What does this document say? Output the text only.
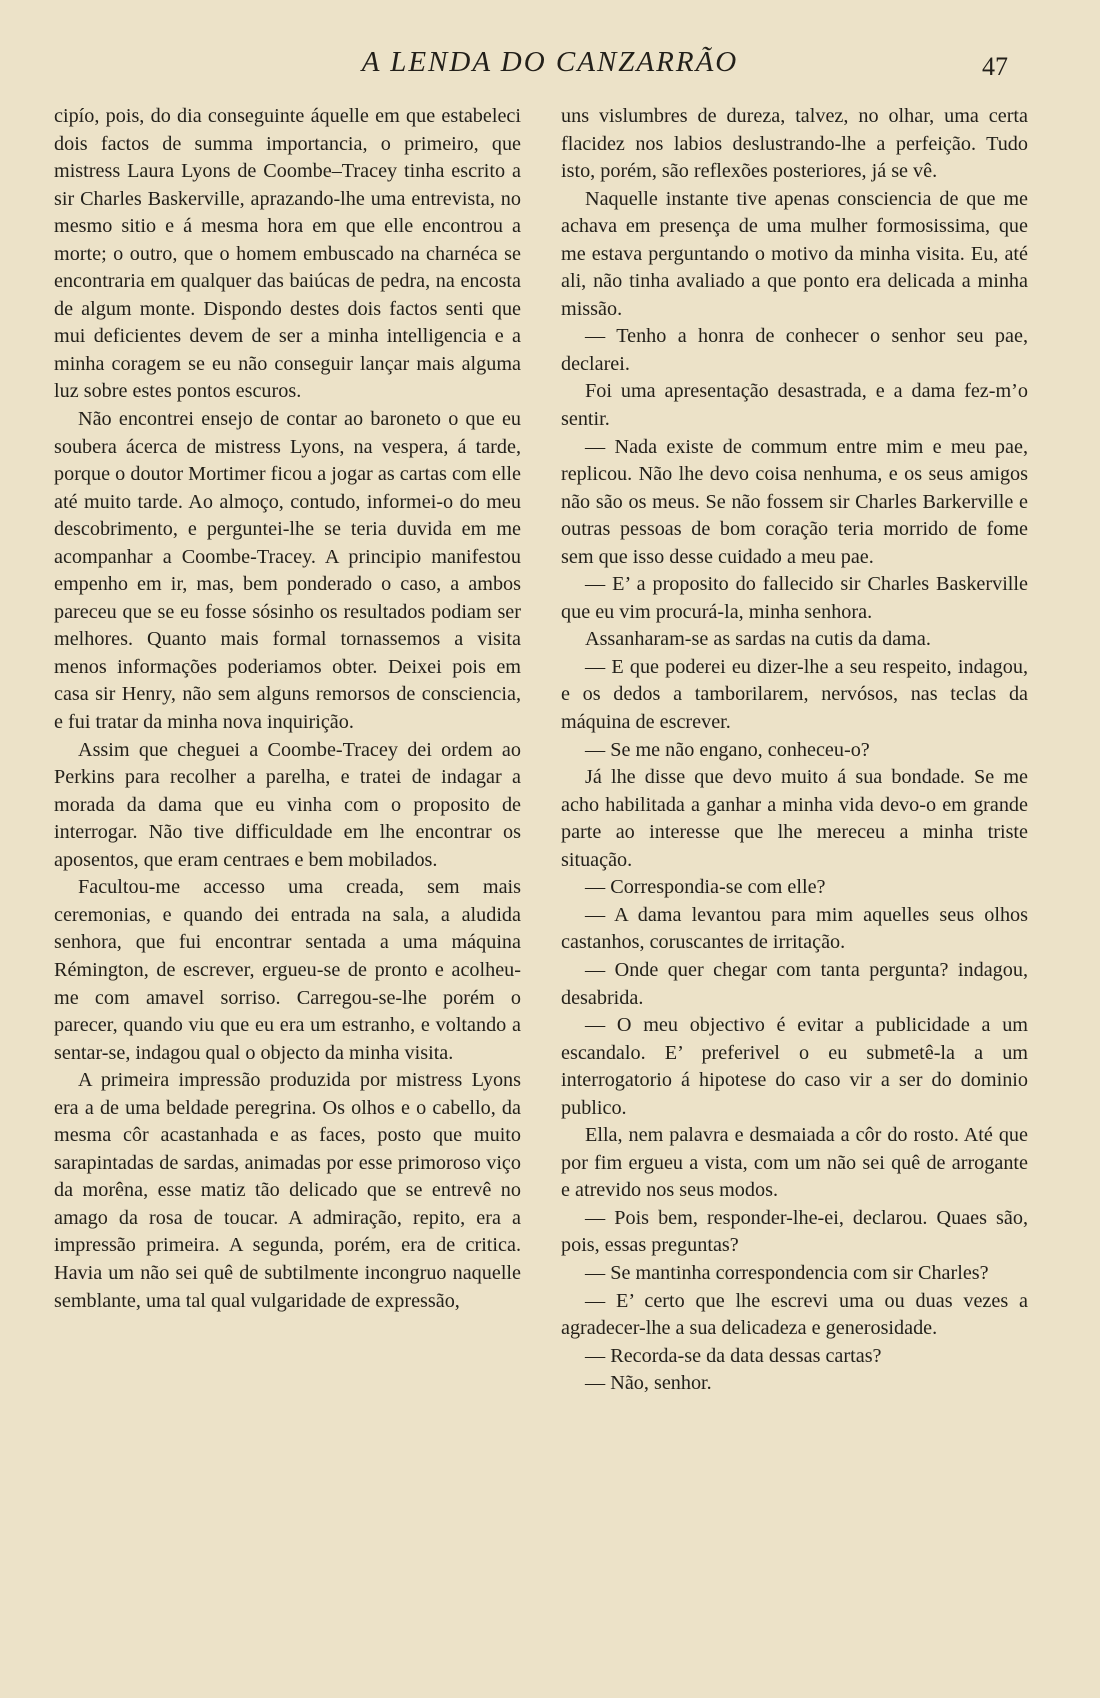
A LENDA DO CANZARRÃO	47

cipío, pois, do dia conseguinte áquelle em que estabeleci dois factos de summa importancia, o primeiro, que mistress Laura Lyons de Coombe–Tracey tinha escrito a sir Charles Baskerville, aprazando-lhe uma entrevista, no mesmo sitio e á mesma hora em que elle encontrou a morte; o outro, que o homem embuscado na charnéca se encontraria em qualquer das baiúcas de pedra, na encosta de algum monte. Dispondo destes dois factos senti que mui deficientes devem de ser a minha intelligencia e a minha coragem se eu não conseguir lançar mais alguma luz sobre estes pontos escuros.

Não encontrei ensejo de contar ao baroneto o que eu soubera ácerca de mistress Lyons, na vespera, á tarde, porque o doutor Mortimer ficou a jogar as cartas com elle até muito tarde. Ao almoço, contudo, informei-o do meu descobrimento, e perguntei-lhe se teria duvida em me acompanhar a Coombe-Tracey. A principio manifestou empenho em ir, mas, bem ponderado o caso, a ambos pareceu que se eu fosse sósinho os resultados podiam ser melhores. Quanto mais formal tornassemos a visita menos informações poderiamos obter. Deixei pois em casa sir Henry, não sem alguns remorsos de consciencia, e fui tratar da minha nova inquirição.

Assim que cheguei a Coombe-Tracey dei ordem ao Perkins para recolher a parelha, e tratei de indagar a morada da dama que eu vinha com o proposito de interrogar. Não tive difficuldade em lhe encontrar os aposentos, que eram centraes e bem mobilados.

Facultou-me accesso uma creada, sem mais ceremonias, e quando dei entrada na sala, a aludida senhora, que fui encontrar sentada a uma máquina Rémington, de escrever, ergueu-se de pronto e acolheu-me com amavel sorriso. Carregou-se-lhe porém o parecer, quando viu que eu era um estranho, e voltando a sentar-se, indagou qual o objecto da minha visita.

A primeira impressão produzida por mistress Lyons era a de uma beldade peregrina. Os olhos e o cabello, da mesma côr acastanhada e as faces, posto que muito sarapintadas de sardas, animadas por esse primoroso viço da morêna, esse matiz tão delicado que se entrevê no amago da rosa de toucar. A admiração, repito, era a impressão primeira. A segunda, porém, era de critica. Havia um não sei quê de subtilmente incongruo naquelle semblante, uma tal qual vulgaridade de expressão,

uns vislumbres de dureza, talvez, no olhar, uma certa flacidez nos labios deslustrando-lhe a perfeição. Tudo isto, porém, são reflexões posteriores, já se vê.

Naquelle instante tive apenas consciencia de que me achava em presença de uma mulher formosissima, que me estava perguntando o motivo da minha visita. Eu, até ali, não tinha avaliado a que ponto era delicada a minha missão.

— Tenho a honra de conhecer o senhor seu pae, declarei.

Foi uma apresentação desastrada, e a dama fez-m’o sentir.

— Nada existe de commum entre mim e meu pae, replicou. Não lhe devo coisa nenhuma, e os seus amigos não são os meus. Se não fossem sir Charles Barkerville e outras pessoas de bom coração teria morrido de fome sem que isso desse cuidado a meu pae.

— E’ a proposito do fallecido sir Charles Baskerville que eu vim procurá-la, minha senhora.

Assanharam-se as sardas na cutis da dama.

— E que poderei eu dizer-lhe a seu respeito, indagou, e os dedos a tamborilarem, nervósos, nas teclas da máquina de escrever.

— Se me não engano, conheceu-o?

Já lhe disse que devo muito á sua bondade. Se me acho habilitada a ganhar a minha vida devo-o em grande parte ao interesse que lhe mereceu a minha triste situação.

— Correspondia-se com elle?

— A dama levantou para mim aquelles seus olhos castanhos, coruscantes de irritação.

— Onde quer chegar com tanta pergunta? indagou, desabrida.

— O meu objectivo é evitar a publicidade a um escandalo. E’ preferivel o eu submetê-la a um interrogatorio á hipotese do caso vir a ser do dominio publico.

Ella, nem palavra e desmaiada a côr do rosto. Até que por fim ergueu a vista, com um não sei quê de arrogante e atrevido nos seus modos.

— Pois bem, responder-lhe-ei, declarou. Quaes são, pois, essas preguntas?

— Se mantinha correspondencia com sir Charles?

— E’ certo que lhe escrevi uma ou duas vezes a agradecer-lhe a sua delicadeza e generosidade.

— Recorda-se da data dessas cartas?

— Não, senhor.
